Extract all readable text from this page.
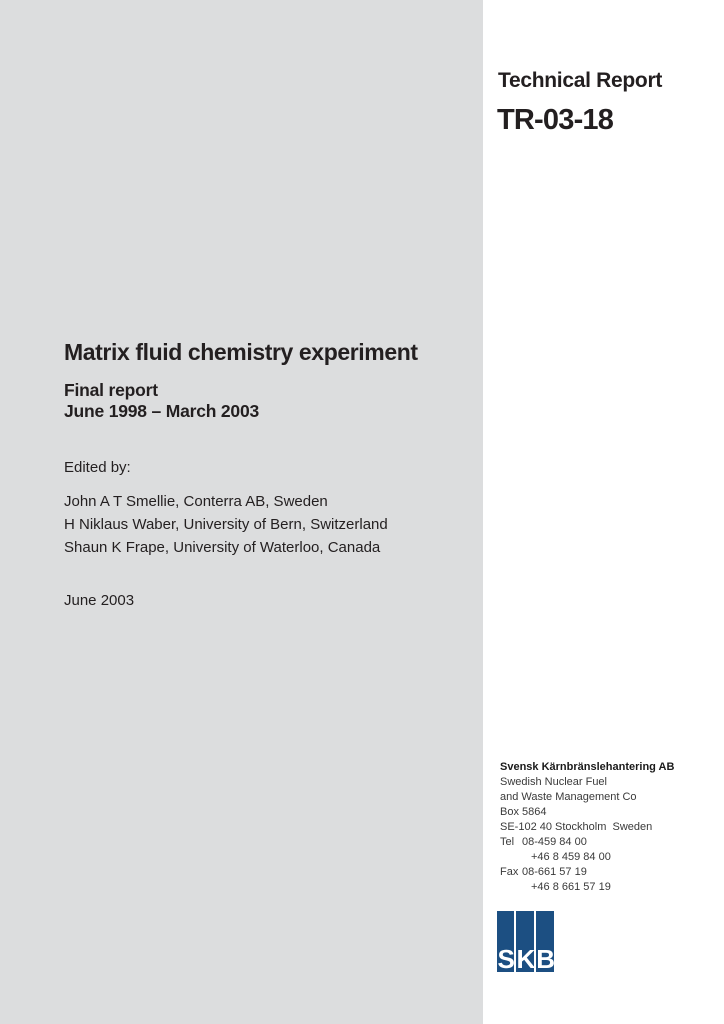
Technical Report
TR-03-18
Matrix fluid chemistry experiment
Final report
June 1998 – March 2003
Edited by:
John A T Smellie, Conterra AB, Sweden
H Niklaus Waber, University of Bern, Switzerland
Shaun K Frape, University of Waterloo, Canada
June 2003
Svensk Kärnbränslehantering AB
Swedish Nuclear Fuel
and Waste Management Co
Box 5864
SE-102 40 Stockholm  Sweden
Tel 08-459 84 00
+46 8 459 84 00
Fax 08-661 57 19
+46 8 661 57 19
S K B
